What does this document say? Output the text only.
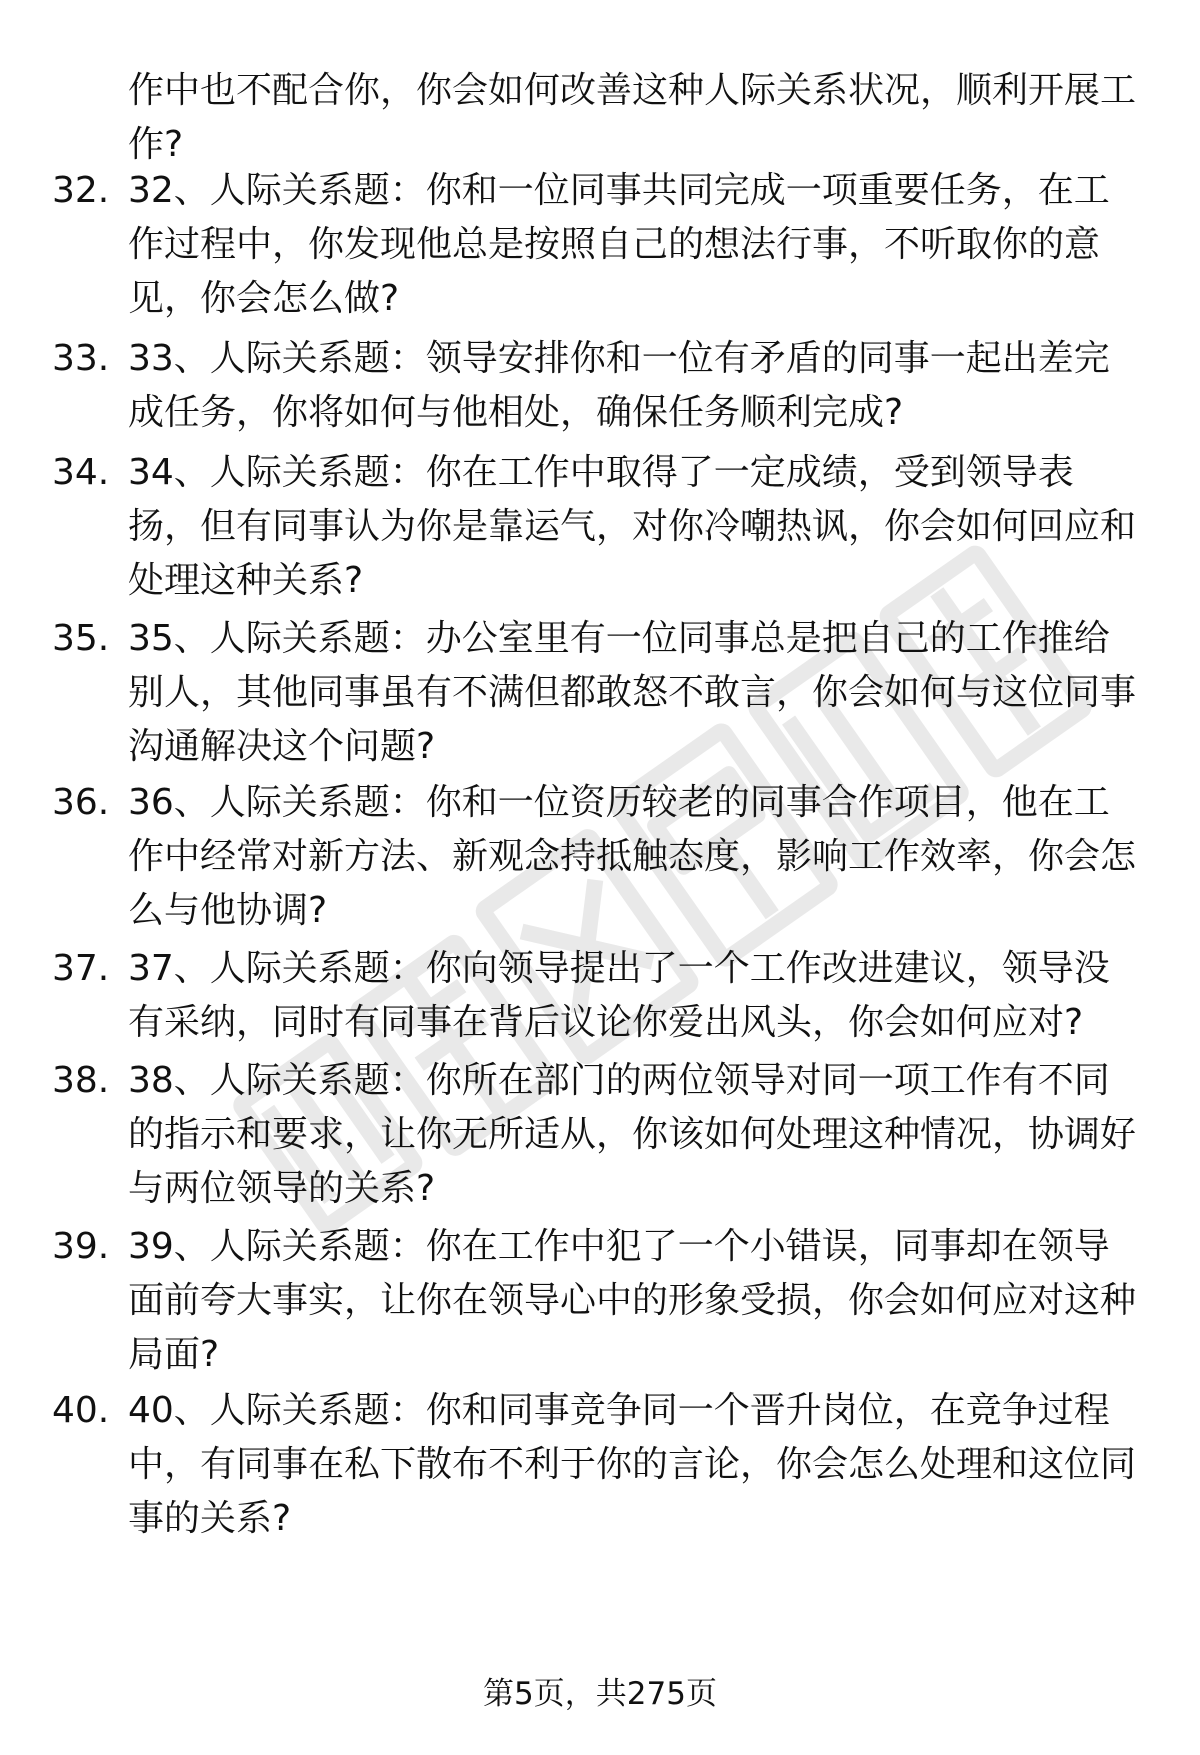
作中也不配合你，你会如何改善这种人际关系状况，顺利开展工作?

32. 32、人际关系题：你和一位同事共同完成一项重要任务，在工作过程中，你发现他总是按照自己的想法行事，不听取你的意见，你会怎么做?

33. 33、人际关系题：领导安排你和一位有矛盾的同事一起出差完成任务，你将如何与他相处，确保任务顺利完成?

34. 34、人际关系题：你在工作中取得了一定成绩，受到领导表扬，但有同事认为你是靠运气，对你冷嘲热讽，你会如何回应和处理这种关系?

35. 35、人际关系题：办公室里有一位同事总是把自己的工作推给别人，其他同事虽有不满但都敢怒不敢言，你会如何与这位同事沟通解决这个问题?

36. 36、人际关系题：你和一位资历较老的同事合作项目，他在工作中经常对新方法、新观念持抵触态度，影响工作效率，你会怎么与他协调?

37. 37、人际关系题：你向领导提出了一个工作改进建议，领导没有采纳，同时有同事在背后议论你爱出风头，你会如何应对?

38. 38、人际关系题：你所在部门的两位领导对同一项工作有不同的指示和要求，让你无所适从，你该如何处理这种情况，协调好与两位领导的关系?

39. 39、人际关系题：你在工作中犯了一个小错误，同事却在领导面前夸大事实，让你在领导心中的形象受损，你会如何应对这种局面?

40. 40、人际关系题：你和同事竞争同一个晋升岗位，在竞争过程中，有同事在私下散布不利于你的言论，你会怎么处理和这位同事的关系?

第5页，共275页
